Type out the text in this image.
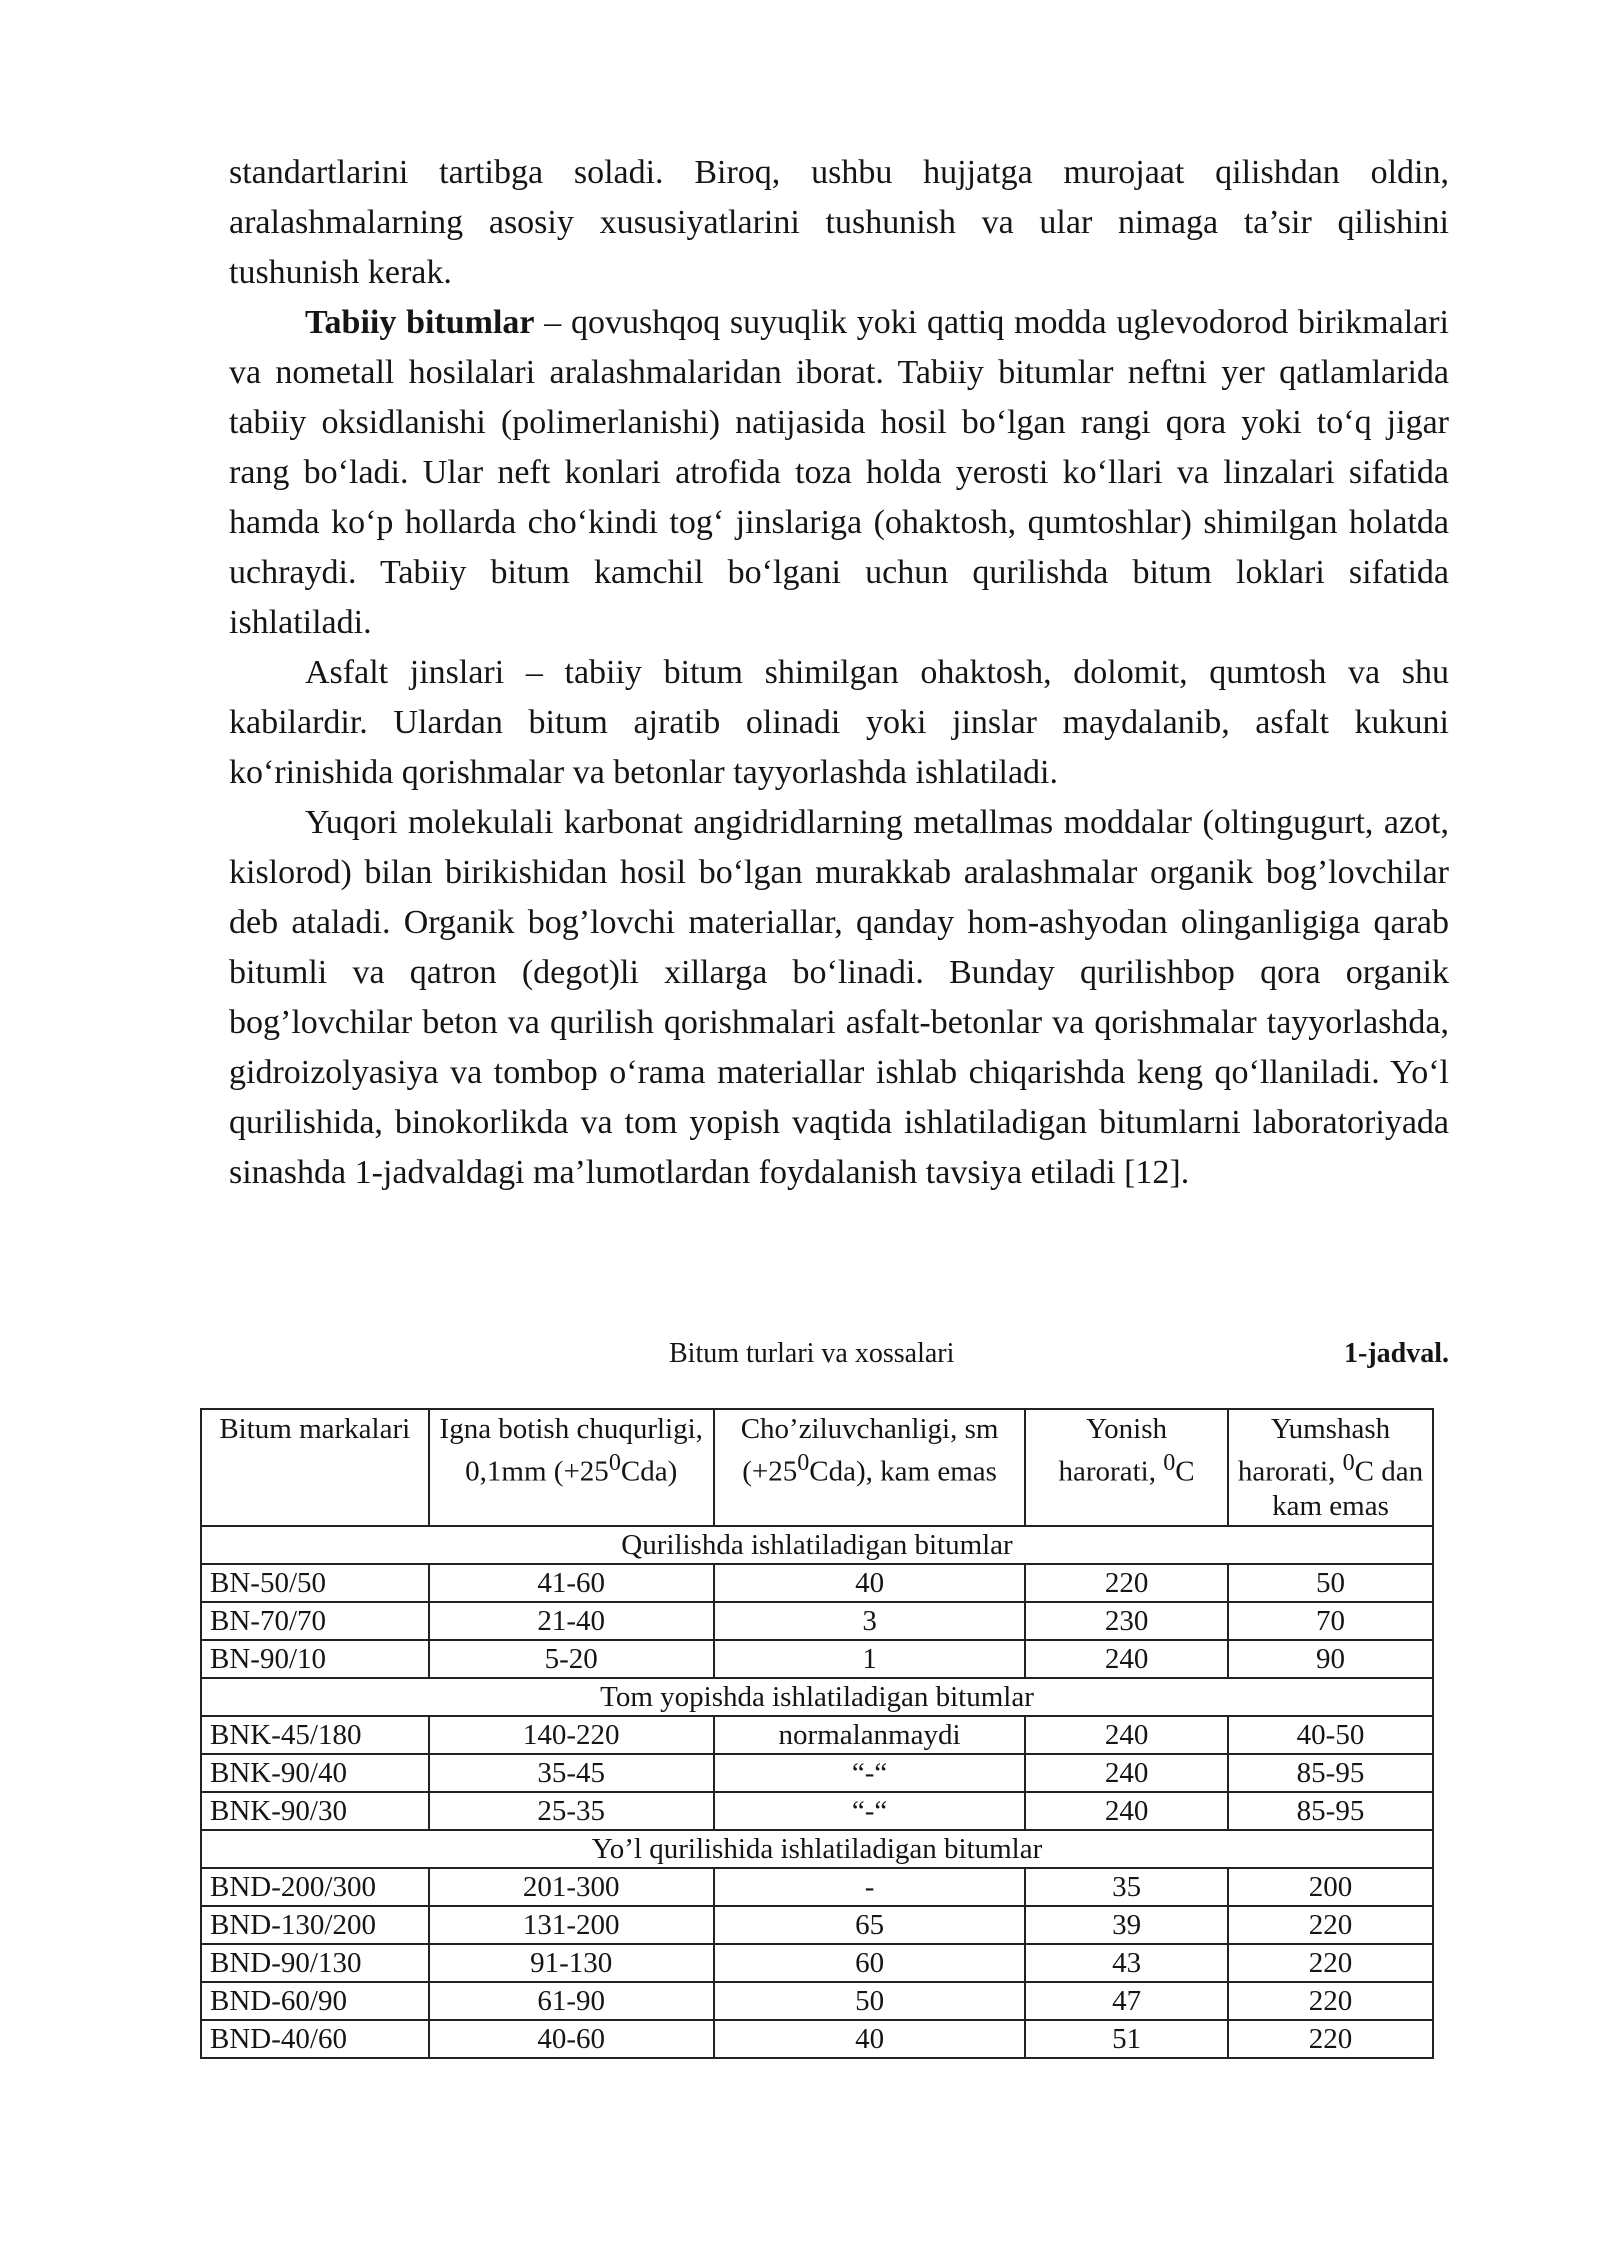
standartlarini tartibga soladi. Biroq, ushbu hujjatga murojaat qilishdan oldin, aralashmalarning asosiy xususiyatlarini tushunish va ular nimaga ta’sir qilishini tushunish kerak.

Tabiiy bitumlar – qovushqoq suyuqlik yoki qattiq modda uglevodorod birikmalari va nometall hosilalari aralashmalaridan iborat. Tabiiy bitumlar neftni yer qatlamlarida tabiiy oksidlanishi (polimerlanishi) natijasida hosil bo‘lgan rangi qora yoki to‘q jigar rang bo‘ladi. Ular neft konlari atrofida toza holda yerosti ko‘llari va linzalari sifatida hamda ko‘p hollarda cho‘kindi tog‘ jinslariga (ohaktosh, qumtoshlar) shimilgan holatda uchraydi. Tabiiy bitum kamchil bo‘lgani uchun qurilishda bitum loklari sifatida ishlatiladi.

Asfalt jinslari – tabiiy bitum shimilgan ohaktosh, dolomit, qumtosh va shu kabilardir. Ulardan bitum ajratib olinadi yoki jinslar maydalanib, asfalt kukuni ko‘rinishida qorishmalar va betonlar tayyorlashda ishlatiladi.

Yuqori molekulali karbonat angidridlarning metallmas moddalar (oltingugurt, azot, kislorod) bilan birikishidan hosil bo‘lgan murakkab aralashmalar organik bog’lovchilar deb ataladi. Organik bog’lovchi materiallar, qanday hom-ashyodan olinganligiga qarab bitumli va qatron (degot)li xillarga bo‘linadi. Bunday qurilishbop qora organik bog’lovchilar beton va qurilish qorishmalari asfalt-betonlar va qorishmalar tayyorlashda, gidroizolyasiya va tombop o‘rama materiallar ishlab chiqarishda keng qo‘llaniladi. Yo‘l qurilishida, binokorlikda va tom yopish vaqtida ishlatiladigan bitumlarni laboratoriyada sinashda 1-jadvaldagi ma’lumotlardan foydalanish tavsiya etiladi [12].

Bitum turlari va xossalari	1-jadval.
Bitum markalari	Igna botish chuqurligi, 0,1mm $(+25^0Cda)$	Cho’ziluvchanligi, sm $(+25^0Cda)$, kam emas	Yonish harorati, $^0$C	Yumshash harorati, $^0$C dan kam emas
Qurilishda ishlatiladigan bitumlar				
BN-50/50	41-60	40	220	50
BN-70/70	21-40	3	230	70
BN-90/10	5-20	1	240	90
Tom yopishda ishlatiladigan bitumlar				
BNK-45/180	140-220	normalanmaydi	240	40-50
BNK-90/40	35-45	“-“	240	85-95
BNK-90/30	25-35	“-“	240	85-95
Yo’l qurilishida ishlatiladigan bitumlar				
BND-200/300	201-300	-	35	200
BND-130/200	131-200	65	39	220
BND-90/130	91-130	60	43	220
BND-60/90	61-90	50	47	220
BND-40/60	40-60	40	51	220
